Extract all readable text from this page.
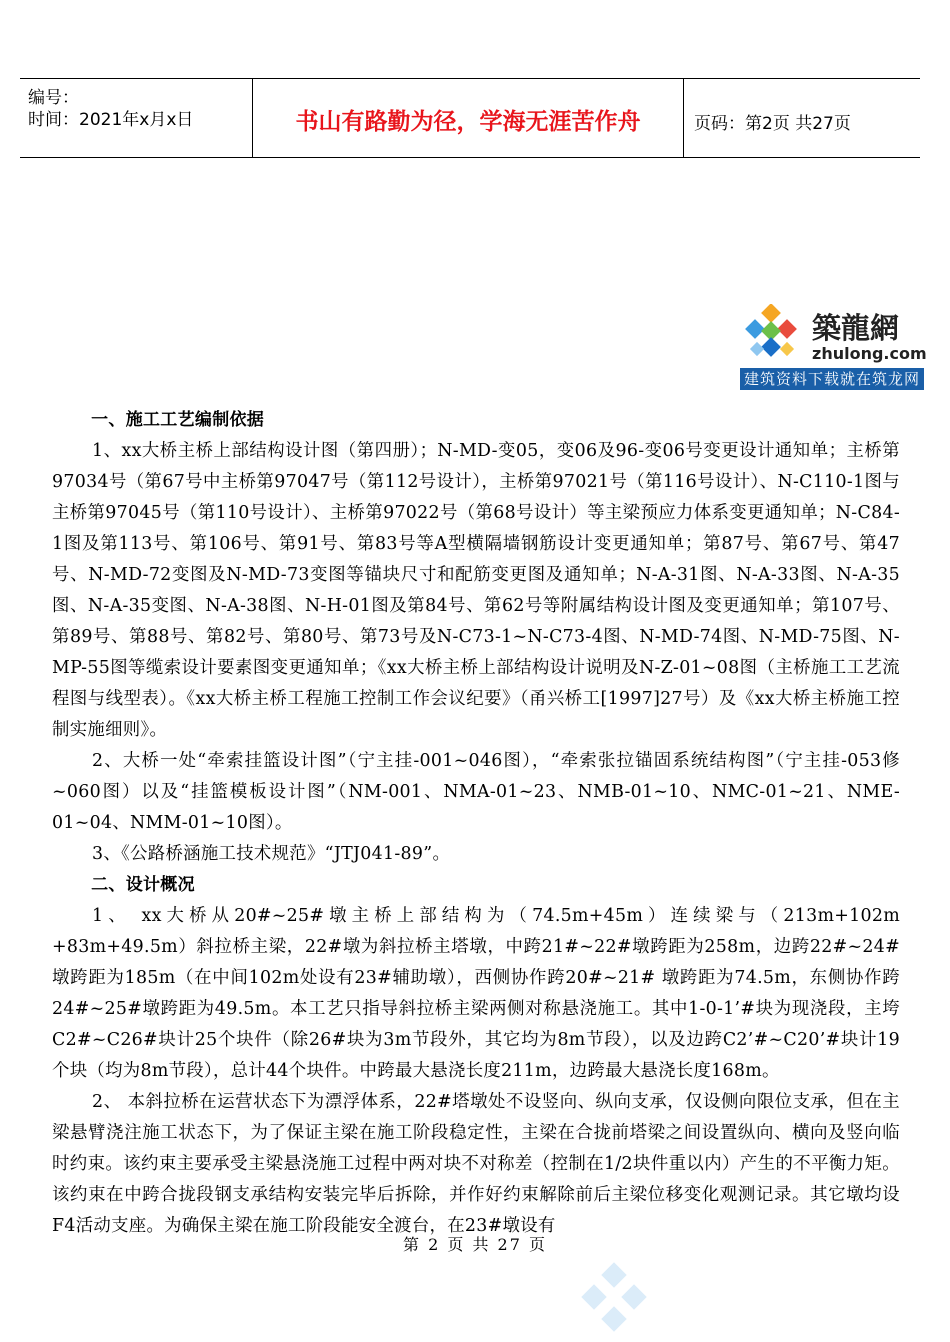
编号：
时间：2021年x月x日	书山有路勤为径，学海无涯苦作舟	页码：第2页 共27页
築龍網
zhulong.com
建筑资料下载就在筑龙网

一、施工工艺编制依据

1、xx大桥主桥上部结构设计图（第四册）；N-MD-变05，变06及96-变06号变更设计通知单；主桥第97034号（第67号中主桥第97047号（第112号设计），主桥第97021号（第116号设计）、N-C110-1图与主桥第97045号（第110号设计）、主桥第97022号（第68号设计）等主梁预应力体系变更通知单；N-C84-1图及第113号、第106号、第91号、第83号等A型横隔墙钢筋设计变更通知单；第87号、第67号、第47号、N-MD-72变图及N-MD-73变图等锚块尺寸和配筋变更图及通知单；N-A-31图、N-A-33图、N-A-35图、N-A-35变图、N-A-38图、N-H-01图及第84号、第62号等附属结构设计图及变更通知单；第107号、第89号、第88号、第82号、第80号、第73号及N-C73-1~N-C73-4图、N-MD-74图、N-MD-75图、N-MP-55图等缆索设计要素图变更通知单；《xx大桥主桥上部结构设计说明及N-Z-01~08图（主桥施工工艺流程图与线型表）。《xx大桥主桥工程施工控制工作会议纪要》（甬兴桥工[1997]27号）及《xx大桥主桥施工控制实施细则》。

2、大桥一处“牵索挂篮设计图”（宁主挂-001~046图），“牵索张拉锚固系统结构图”（宁主挂-053修~060图）以及“挂篮模板设计图”（NM-001、NMA-01~23、NMB-01~10、NMC-01~21、NME-01~04、NMM-01~10图）。

3、《公路桥涵施工技术规范》“JTJ041-89”。

二、设计概况

1、 xx大桥从20#~25#墩主桥上部结构为（74.5m+45m）连续梁与（213m+102m +83m+49.5m）斜拉桥主梁，22#墩为斜拉桥主塔墩，中跨21#~22#墩跨距为258m，边跨22#~24#墩跨距为185m（在中间102m处设有23#辅助墩），西侧协作跨20#~21# 墩跨距为74.5m，东侧协作跨24#~25#墩跨距为49.5m。本工艺只指导斜拉桥主梁两侧对称悬浇施工。其中1-0-1’#块为现浇段，主垮C2#~C26#块计25个块件（除26#块为3m节段外，其它均为8m节段），以及边跨C2’#~C20’#块计19个块（均为8m节段），总计44个块件。中跨最大悬浇长度211m，边跨最大悬浇长度168m。

2、 本斜拉桥在运营状态下为漂浮体系，22#塔墩处不设竖向、纵向支承，仅设侧向限位支承，但在主梁悬臂浇注施工状态下，为了保证主梁在施工阶段稳定性，主梁在合拢前塔梁之间设置纵向、横向及竖向临时约束。该约束主要承受主梁悬浇施工过程中两对块不对称差（控制在1/2块件重以内）产生的不平衡力矩。该约束在中跨合拢段钢支承结构安装完毕后拆除，并作好约束解除前后主梁位移变化观测记录。其它墩均设F4活动支座。为确保主梁在施工阶段能安全渡台，在23#墩设有

第 2 页 共 27 页
